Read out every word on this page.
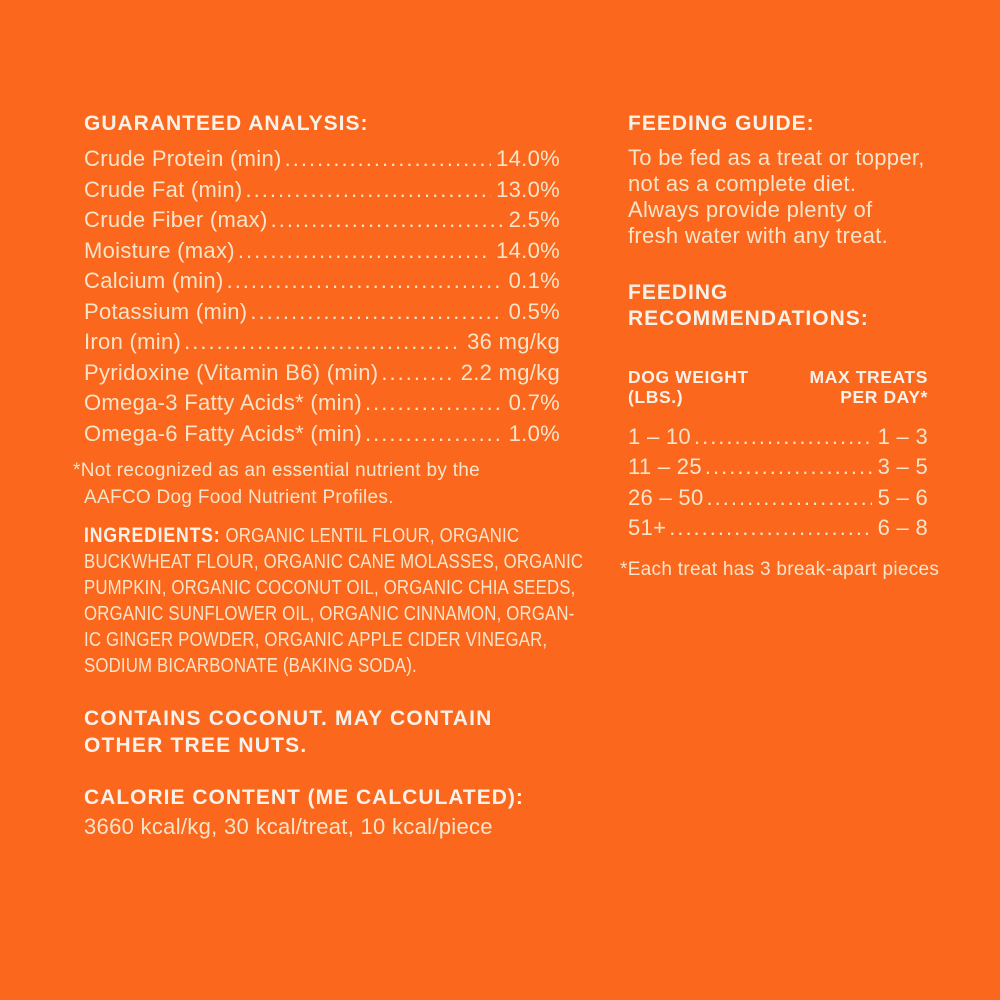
GUARANTEED ANALYSIS:
Crude Protein (min) .....	14.0%
Crude Fat (min) .....	13.0%
Crude Fiber (max) .....	2.5%
Moisture (max) .....	14.0%
Calcium (min) .....	0.1%
Potassium (min) .....	0.5%
Iron (min) .....	36 mg/kg
Pyridoxine (Vitamin B6) (min) .....	2.2 mg/kg
Omega-3 Fatty Acids* (min) .....	0.7%
Omega-6 Fatty Acids* (min) .....	1.0%
*Not recognized as an essential nutrient by the
AAFCO Dog Food Nutrient Profiles.
INGREDIENTS: ORGANIC LENTIL FLOUR, ORGANIC
BUCKWHEAT FLOUR, ORGANIC CANE MOLASSES, ORGANIC
PUMPKIN, ORGANIC COCONUT OIL, ORGANIC CHIA SEEDS,
ORGANIC SUNFLOWER OIL, ORGANIC CINNAMON, ORGAN-
IC GINGER POWDER, ORGANIC APPLE CIDER VINEGAR,
SODIUM BICARBONATE (BAKING SODA).
CONTAINS COCONUT. MAY CONTAIN
OTHER TREE NUTS.
CALORIE CONTENT (ME CALCULATED):
3660 kcal/kg, 30 kcal/treat, 10 kcal/piece
FEEDING GUIDE:
To be fed as a treat or topper,
not as a complete diet.
Always provide plenty of
fresh water with any treat.
FEEDING RECOMMENDATIONS:
DOG WEIGHT (LBS.)
MAX TREATS PER DAY*
1 – 10 .....	1 – 3
11 – 25 .....	3 – 5
26 – 50 .....	5 – 6
51+ .....	6 – 8
*Each treat has 3 break-apart pieces
